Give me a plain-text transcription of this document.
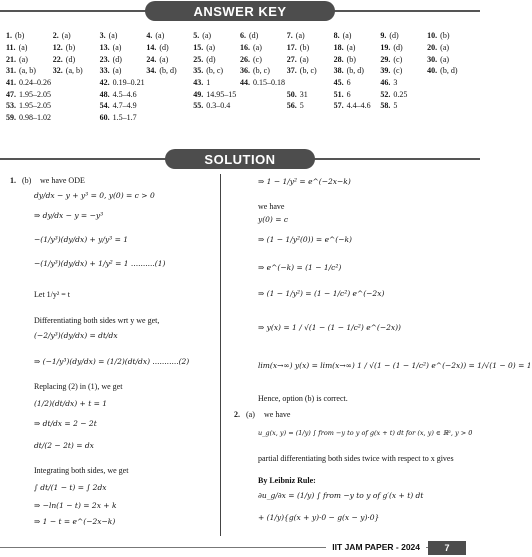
ANSWER KEY
1. (b)	2. (a)	3. (a)	4. (a)	5. (a)	6. (d)	7. (a)	8. (a)	9. (d)	10. (b)
11. (a)	12. (b)	13. (a)	14. (d)	15. (a)	16. (a)	17. (b)	18. (a)	19. (d)	20. (a)
21. (a)	22. (d)	23. (d)	24. (a)	25. (d)	26. (c)	27. (a)	28. (b)	29. (c)	30. (a)
31. (a, b)	32. (a, b)	33. (a)	34. (b, d)	35. (b, c)	36. (b, c)	37. (b, c)	38. (b, d)	39. (c)	40. (b, d)
41. 0.24–0.26	42. 0.19–0.21	43. 1	44. 0.15–0.18	45. 6	46. 3
47. 1.95–2.05	48. 4.5–4.6	49. 14.95–15	50. 31	51. 6	52. 0.25
53. 1.95–2.05	54. 4.7–4.9	55. 0.3–0.4	56. 5	57. 4.4–4.6	58. 5
59. 0.98–1.02	60. 1.5–1.7
SOLUTION
1. (b) we have ODE
dy/dx − y + y³ = 0, y(0) = c > 0
⇒ dy/dx − y = −y³
−(1/y³)(dy/dx) + y/y³ = 1
−(1/y³)(dy/dx) + 1/y² = 1 ..........(1)
Let 1/y² = t
Differentiating both sides wrt y we get,
(−2/y³)(dy/dx) = dt/dx
⇒ (−1/y³)(dy/dx) = (1/2)(dt/dx) ...........(2)
Replacing (2) in (1), we get
(1/2)(dt/dx) + t = 1
⇒ dt/dx = 2 − 2t
dt/(2 − 2t) = dx
Integrating both sides, we get
∫ dt/(1 − t) = ∫ 2dx
⇒ −ln(1 − t) = 2x + k
⇒ 1 − t = e^(−2x−k)
⇒ 1 − 1/y² = e^(−2x−k)
we have
y(0) = c
⇒ (1 − 1/y²(0)) = e^(−k)
⇒ e^(−k) = (1 − 1/c²)
⇒ (1 − 1/y²) = (1 − 1/c²) e^(−2x)
⇒ y(x) = 1 / √(1 − (1 − 1/c²) e^(−2x))
lim(x→∞) y(x) = lim(x→∞) 1 / √(1 − (1 − 1/c²) e^(−2x)) = 1/√(1 − 0) = 1
Hence, option (b) is correct.
2. (a) we have
u_g(x, y) = (1/y) ∫ from −y to y of g(x + t) dt for (x, y) ∈ ℝ², y > 0
partial differentiating both sides twice with respect to x gives
By Leibniz Rule:
∂u_g/∂x = (1/y) ∫ from −y to y of g′(x + t) dt
+ (1/y){g(x + y)·0 − g(x − y)·0}
IIT JAM PAPER - 2024	7
